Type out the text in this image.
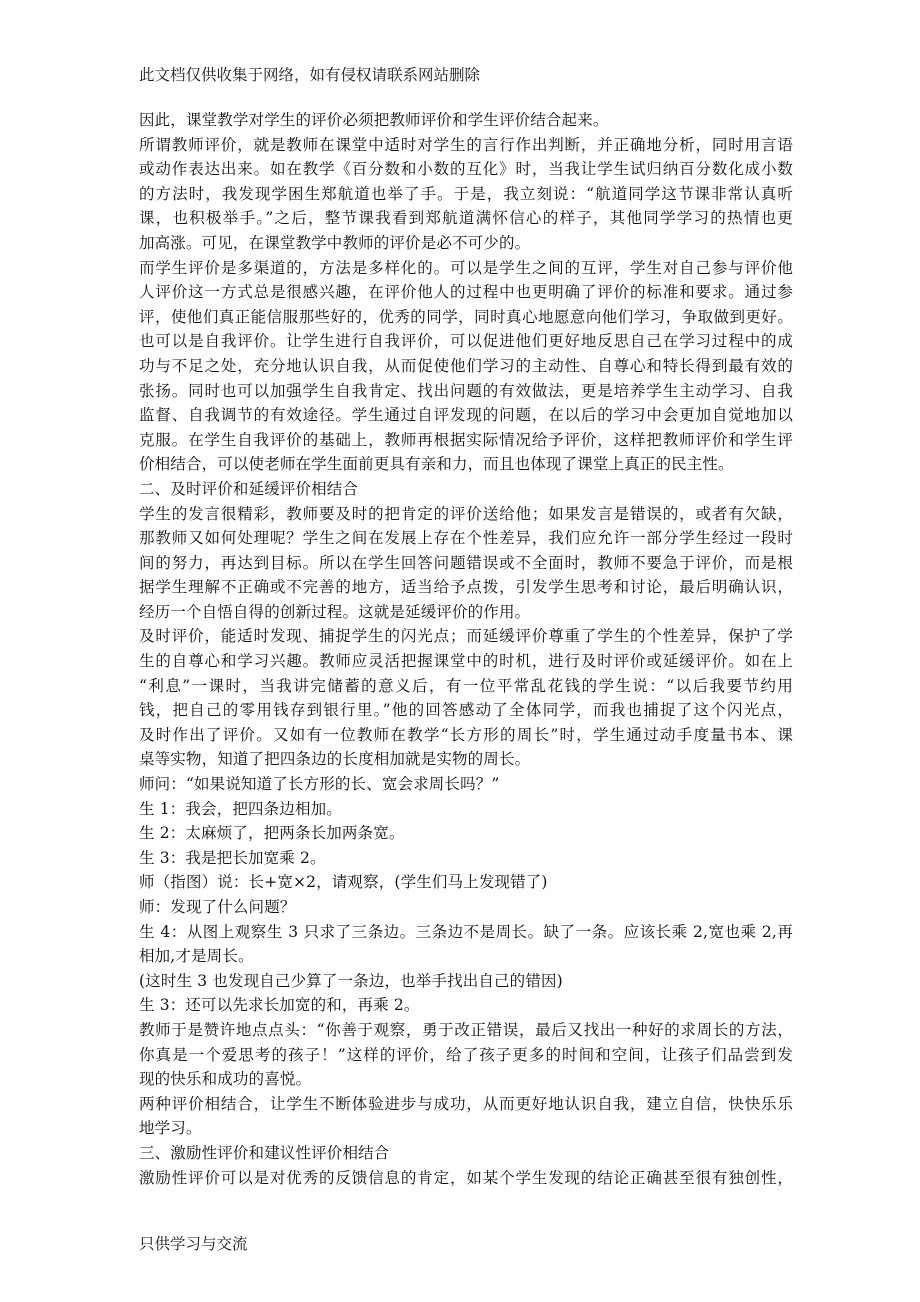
此文档仅供收集于网络，如有侵权请联系网站删除
因此，课堂教学对学生的评价必须把教师评价和学生评价结合起来。
所谓教师评价，就是教师在课堂中适时对学生的言行作出判断，并正确地分析，同时用言语
或动作表达出来。如在教学《百分数和小数的互化》时，当我让学生试归纳百分数化成小数
的方法时，我发现学困生郑航道也举了手。于是，我立刻说：“航道同学这节课非常认真听
课，也积极举手。”之后，整节课我看到郑航道满怀信心的样子，其他同学学习的热情也更
加高涨。可见，在课堂教学中教师的评价是必不可少的。
而学生评价是多渠道的，方法是多样化的。可以是学生之间的互评，学生对自己参与评价他
人评价这一方式总是很感兴趣，在评价他人的过程中也更明确了评价的标准和要求。通过参
评，使他们真正能信服那些好的，优秀的同学，同时真心地愿意向他们学习，争取做到更好。
也可以是自我评价。让学生进行自我评价，可以促进他们更好地反思自己在学习过程中的成
功与不足之处，充分地认识自我，从而促使他们学习的主动性、自尊心和特长得到最有效的
张扬。同时也可以加强学生自我肯定、找出问题的有效做法，更是培养学生主动学习、自我
监督、自我调节的有效途径。学生通过自评发现的问题，在以后的学习中会更加自觉地加以
克服。在学生自我评价的基础上，教师再根据实际情况给予评价，这样把教师评价和学生评
价相结合，可以使老师在学生面前更具有亲和力，而且也体现了课堂上真正的民主性。
二、及时评价和延缓评价相结合
学生的发言很精彩，教师要及时的把肯定的评价送给他；如果发言是错误的，或者有欠缺，
那教师又如何处理呢？学生之间在发展上存在个性差异，我们应允许一部分学生经过一段时
间的努力，再达到目标。所以在学生回答问题错误或不全面时，教师不要急于评价，而是根
据学生理解不正确或不完善的地方，适当给予点拨，引发学生思考和讨论，最后明确认识，
经历一个自悟自得的创新过程。这就是延缓评价的作用。
及时评价，能适时发现、捕捉学生的闪光点；而延缓评价尊重了学生的个性差异，保护了学
生的自尊心和学习兴趣。教师应灵活把握课堂中的时机，进行及时评价或延缓评价。如在上
“利息”一课时，当我讲完储蓄的意义后，有一位平常乱花钱的学生说：“以后我要节约用
钱，把自己的零用钱存到银行里。”他的回答感动了全体同学，而我也捕捉了这个闪光点，
及时作出了评价。又如有一位教师在教学“长方形的周长”时，学生通过动手度量书本、课
桌等实物，知道了把四条边的长度相加就是实物的周长。
师问：“如果说知道了长方形的长、宽会求周长吗？”
生 1：我会，把四条边相加。
生 2：太麻烦了，把两条长加两条宽。
生 3：我是把长加宽乘 2。
师（指图）说：长+宽×2，请观察，(学生们马上发现错了)
师：发现了什么问题？
生 4：从图上观察生 3 只求了三条边。三条边不是周长。缺了一条。应该长乘 2,宽也乘 2,再
相加,才是周长。
(这时生 3 也发现自己少算了一条边，也举手找出自己的错因)
生 3：还可以先求长加宽的和，再乘 2。
教师于是赞许地点点头：“你善于观察，勇于改正错误，最后又找出一种好的求周长的方法，
你真是一个爱思考的孩子！”这样的评价，给了孩子更多的时间和空间，让孩子们品尝到发
现的快乐和成功的喜悦。
两种评价相结合，让学生不断体验进步与成功，从而更好地认识自我，建立自信，快快乐乐
地学习。
三、激励性评价和建议性评价相结合
激励性评价可以是对优秀的反馈信息的肯定，如某个学生发现的结论正确甚至很有独创性，
只供学习与交流
